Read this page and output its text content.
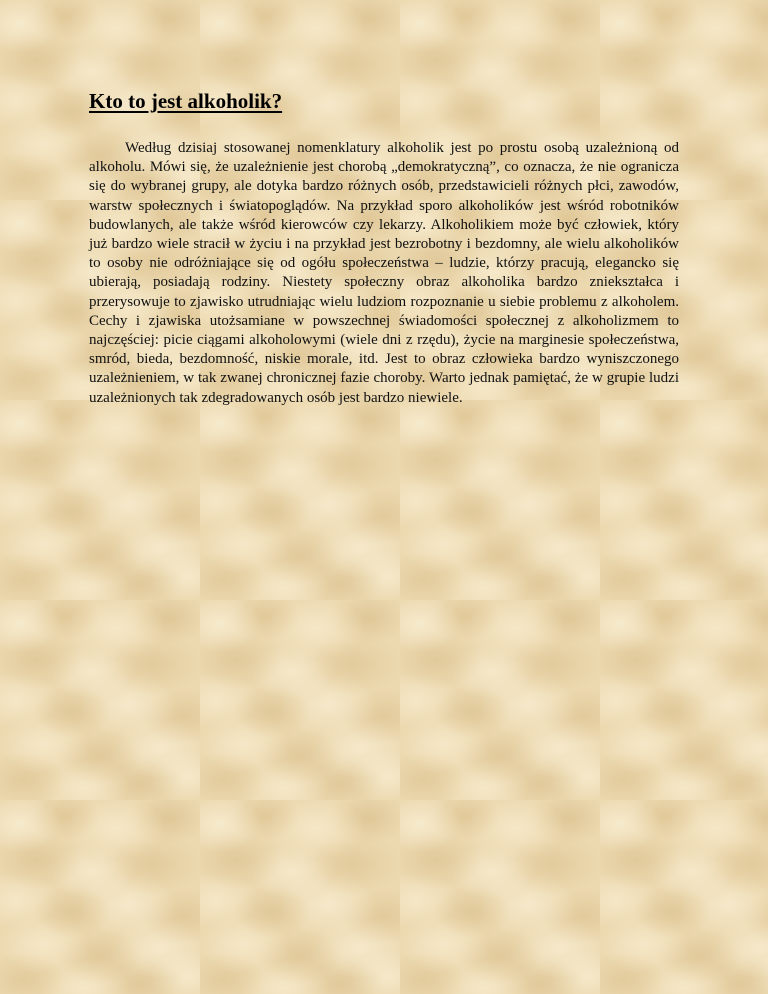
Kto to jest alkoholik?

Według dzisiaj stosowanej nomenklatury alkoholik jest po prostu osobą uzależnioną od alkoholu. Mówi się, że uzależnienie jest chorobą „demokratyczną”, co oznacza, że nie ogranicza się do wybranej grupy, ale dotyka bardzo różnych osób, przedstawicieli różnych płci, zawodów, warstw społecznych i światopoglądów. Na przykład sporo alkoholików jest wśród robotników budowlanych, ale także wśród kierowców czy lekarzy. Alkoholikiem może być człowiek, który już bardzo wiele stracił w życiu i na przykład jest bezrobotny i bezdomny, ale wielu alkoholików to osoby nie odróżniające się od ogółu społeczeństwa – ludzie, którzy pracują, elegancko się ubierają, posiadają rodziny. Niestety społeczny obraz alkoholika bardzo zniekształca i przerysowuje to zjawisko utrudniając wielu ludziom rozpoznanie u siebie problemu z alkoholem. Cechy i zjawiska utożsamiane w powszechnej świadomości społecznej z alkoholizmem to najczęściej: picie ciągami alkoholowymi (wiele dni z rzędu), życie na marginesie społeczeństwa, smród, bieda, bezdomność, niskie morale, itd. Jest to obraz człowieka bardzo wyniszczonego uzależnieniem, w tak zwanej chronicznej fazie choroby. Warto jednak pamiętać, że w grupie ludzi uzależnionych tak zdegradowanych osób jest bardzo niewiele.
